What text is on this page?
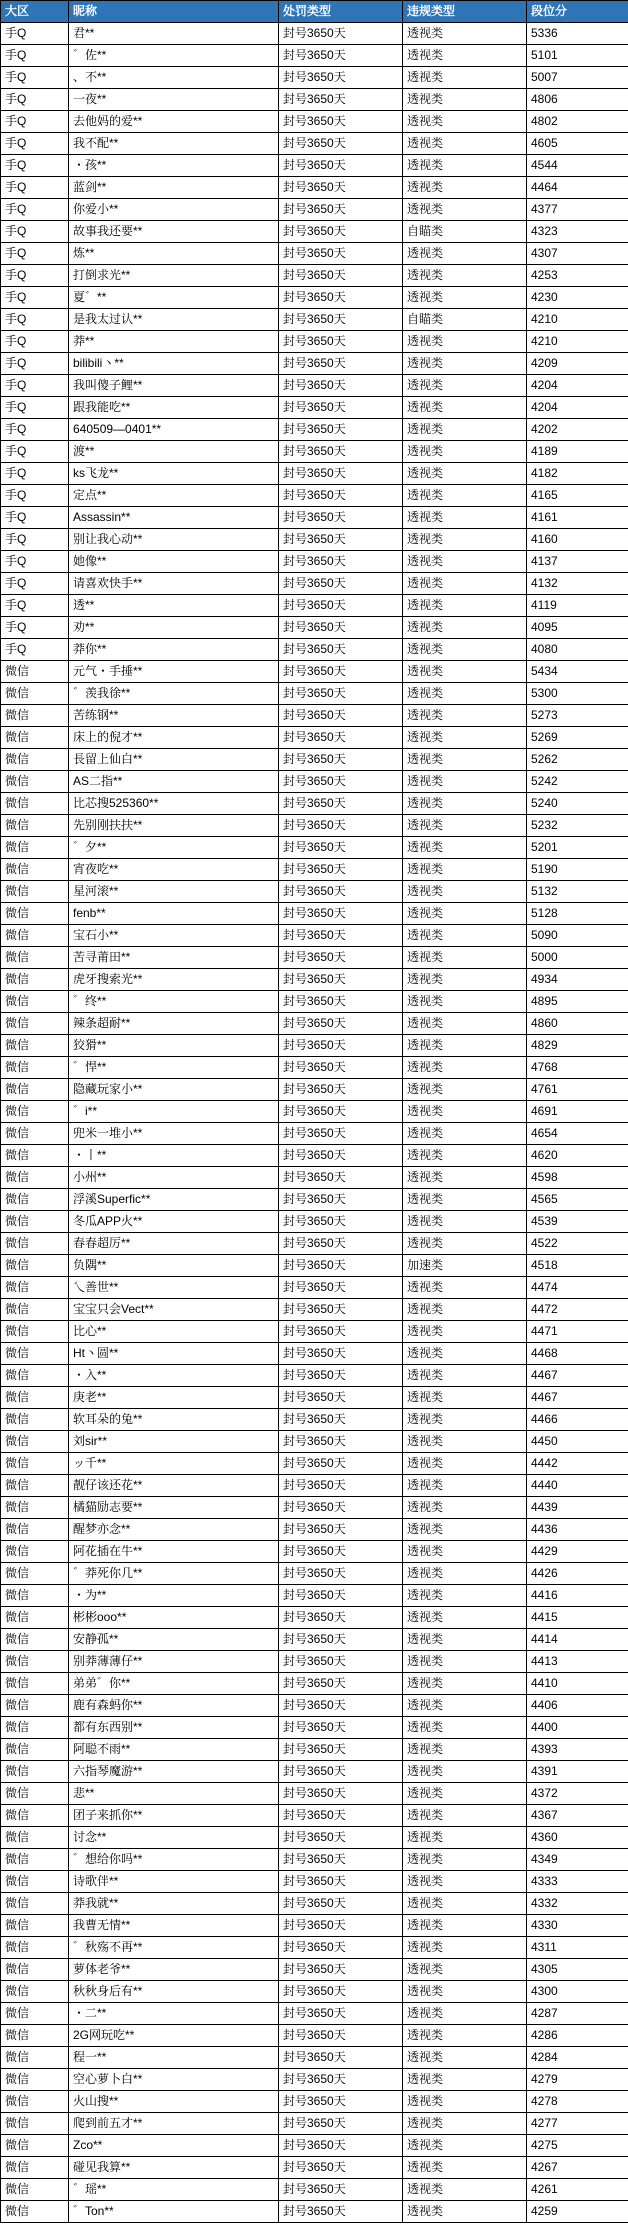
大区	昵称	处罚类型	违规类型	段位分
手Q	君**	封号3650天	透视类	5336
手Q	゛佐**	封号3650天	透视类	5101
手Q	、不**	封号3650天	透视类	5007
手Q	一夜**	封号3650天	透视类	4806
手Q	去他妈的爱**	封号3650天	透视类	4802
手Q	我不配**	封号3650天	透视类	4605
手Q	・孩**	封号3650天	透视类	4544
手Q	蓝剑**	封号3650天	透视类	4464
手Q	你爱小**	封号3650天	透视类	4377
手Q	故事我还要**	封号3650天	自瞄类	4323
手Q	炼**	封号3650天	透视类	4307
手Q	打倒求光**	封号3650天	透视类	4253
手Q	夏゛**	封号3650天	透视类	4230
手Q	是我太过认**	封号3650天	自瞄类	4210
手Q	莽**	封号3650天	透视类	4210
手Q	bilibili丶**	封号3650天	透视类	4209
手Q	我叫傻子鲤**	封号3650天	透视类	4204
手Q	跟我能吃**	封号3650天	透视类	4204
手Q	640509—0401**	封号3650天	透视类	4202
手Q	渡**	封号3650天	透视类	4189
手Q	ks飞龙**	封号3650天	透视类	4182
手Q	定点**	封号3650天	透视类	4165
手Q	Assassin**	封号3650天	透视类	4161
手Q	别让我心动**	封号3650天	透视类	4160
手Q	她像**	封号3650天	透视类	4137
手Q	请喜欢快手**	封号3650天	透视类	4132
手Q	透**	封号3650天	透视类	4119
手Q	劝**	封号3650天	透视类	4095
手Q	莽你**	封号3650天	透视类	4080
微信	元气・手捶**	封号3650天	透视类	5434
微信	゛羡我徐**	封号3650天	透视类	5300
微信	苦练钢**	封号3650天	透视类	5273
微信	床上的倪才**	封号3650天	透视类	5269
微信	長留上仙白**	封号3650天	透视类	5262
微信	AS二指**	封号3650天	透视类	5242
微信	比芯搜525360**	封号3650天	透视类	5240
微信	先别刚扶扶**	封号3650天	透视类	5232
微信	゛夕**	封号3650天	透视类	5201
微信	宵夜吃**	封号3650天	透视类	5190
微信	星河滚**	封号3650天	透视类	5132
微信	fenb**	封号3650天	透视类	5128
微信	宝石小**	封号3650天	透视类	5090
微信	苦寻莆田**	封号3650天	透视类	5000
微信	虎牙搜索光**	封号3650天	透视类	4934
微信	゛终**	封号3650天	透视类	4895
微信	辣条超耐**	封号3650天	透视类	4860
微信	狡猾**	封号3650天	透视类	4829
微信	゛悍**	封号3650天	透视类	4768
微信	隐藏玩家小**	封号3650天	透视类	4761
微信	゛i**	封号3650天	透视类	4691
微信	兜米一堆小**	封号3650天	透视类	4654
微信	・丨**	封号3650天	透视类	4620
微信	小州**	封号3650天	透视类	4598
微信	浮溪Superfic**	封号3650天	透视类	4565
微信	冬瓜APP火**	封号3650天	透视类	4539
微信	春春超厉**	封号3650天	透视类	4522
微信	负隅**	封号3650天	加速类	4518
微信	乀善世**	封号3650天	透视类	4474
微信	宝宝只会Vect**	封号3650天	透视类	4472
微信	比心**	封号3650天	透视类	4471
微信	Ht丶圆**	封号3650天	透视类	4468
微信	・入**	封号3650天	透视类	4467
微信	庚老**	封号3650天	透视类	4467
微信	软耳朵的兔**	封号3650天	透视类	4466
微信	刘sir**	封号3650天	透视类	4450
微信	ッ千**	封号3650天	透视类	4442
微信	靓仔该还花**	封号3650天	透视类	4440
微信	橘猫励志要**	封号3650天	透视类	4439
微信	醒梦亦念**	封号3650天	透视类	4436
微信	阿花插在牛**	封号3650天	透视类	4429
微信	゛莽死你几**	封号3650天	透视类	4426
微信	・为**	封号3650天	透视类	4416
微信	彬彬ooo**	封号3650天	透视类	4415
微信	安静孤**	封号3650天	透视类	4414
微信	别莽薄薄仔**	封号3650天	透视类	4413
微信	弟弟゛你**	封号3650天	透视类	4410
微信	鹿有森蚂你**	封号3650天	透视类	4406
微信	都有东西别**	封号3650天	透视类	4400
微信	阿聪不雨**	封号3650天	透视类	4393
微信	六指琴魔游**	封号3650天	透视类	4391
微信	悲**	封号3650天	透视类	4372
微信	团子来抓你**	封号3650天	透视类	4367
微信	讨念**	封号3650天	透视类	4360
微信	゛想给你吗**	封号3650天	透视类	4349
微信	诗歌伴**	封号3650天	透视类	4333
微信	莽我就**	封号3650天	透视类	4332
微信	我曹无情**	封号3650天	透视类	4330
微信	゛秋殇不再**	封号3650天	透视类	4311
微信	萝体老爷**	封号3650天	透视类	4305
微信	秋秋身后有**	封号3650天	透视类	4300
微信	・二**	封号3650天	透视类	4287
微信	2G网玩吃**	封号3650天	透视类	4286
微信	程一**	封号3650天	透视类	4284
微信	空心萝卜白**	封号3650天	透视类	4279
微信	火山搜**	封号3650天	透视类	4278
微信	爬到前五才**	封号3650天	透视类	4277
微信	Zco**	封号3650天	透视类	4275
微信	碰见我算**	封号3650天	透视类	4267
微信	゛瑶**	封号3650天	透视类	4261
微信	゛Ton**	封号3650天	透视类	4259
